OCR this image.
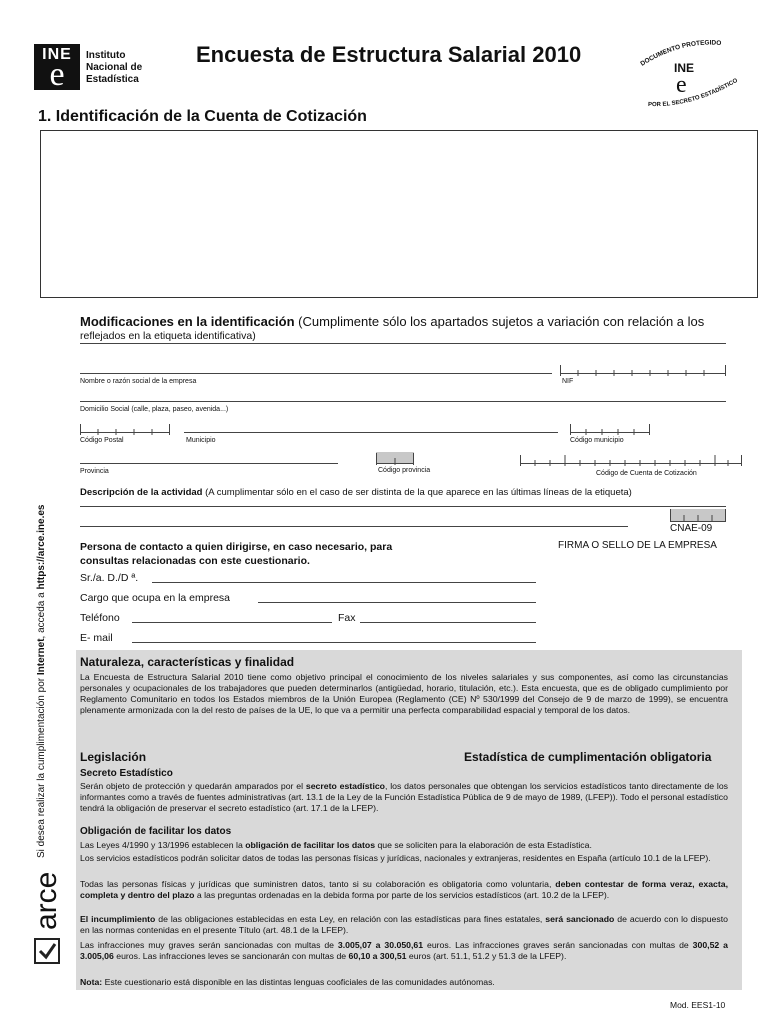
INE
e
Instituto
Nacional de
Estadística
Encuesta de Estructura Salarial 2010	DOCUMENTO PROTEGIDO
POR EL SECRETO ESTADÍSTICO
INE
e
1. Identificación de la Cuenta de Cotización
Modificaciones en la identificación (Cumplimente sólo los apartados sujetos a variación con relación a los
reflejados en la etiqueta identificativa)
Nombre o razón social de la empresa	NIF
Domicilio Social (calle, plaza, paseo, avenida...)
Código Postal	Municipio	Código municipio
Provincia	Código provincia	Código de Cuenta de Cotización
Descripción de la actividad (A cumplimentar sólo en el caso de ser distinta de la que aparece en las últimas líneas de la etiqueta)
CNAE-09
Persona de contacto a quien dirigirse, en caso necesario, para
consultas relacionadas con este cuestionario.
FIRMA O SELLO DE LA EMPRESA
Sr./a. D./D ª.
Cargo que ocupa en la empresa
Teléfono	Fax
E- mail
Naturaleza, características y finalidad
La Encuesta de Estructura Salarial 2010 tiene como objetivo principal el conocimiento de los niveles salariales y sus componentes, así como las circunstancias personales y ocupacionales de los trabajadores que pueden determinarlos (antigüedad, horario, titulación, etc.). Esta encuesta, que es de obligado cumplimiento por Reglamento Comunitario en todos los Estados miembros de la Unión Europea (Reglamento (CE) Nº 530/1999 del Consejo de 9 de marzo de 1999), se encuentra plenamente armonizada con la del resto de países de la UE, lo que va a permitir una perfecta comparabilidad espacial y temporal de los datos.
Legislación	Estadística de cumplimentación obligatoria
Secreto Estadístico
Serán objeto de protección y quedarán amparados por el secreto estadístico, los datos personales que obtengan los servicios estadísticos tanto directamente de los informantes como a través de fuentes administrativas (art. 13.1 de la Ley de la Función Estadística Pública de 9 de mayo de 1989, (LFEP)). Todo el personal estadístico tendrá la obligación de preservar el secreto estadístico (art. 17.1 de la LFEP).
Obligación de facilitar los datos
Las Leyes 4/1990 y 13/1996 establecen la obligación de facilitar los datos que se soliciten para la elaboración de esta Estadística.
Los servicios estadísticos podrán solicitar datos de todas las personas físicas y jurídicas, nacionales y extranjeras, residentes en España (artículo 10.1 de la LFEP).
Todas las personas físicas y jurídicas que suministren datos, tanto si su colaboración es obligatoria como voluntaria, deben contestar de forma veraz, exacta, completa y dentro del plazo a las preguntas ordenadas en la debida forma por parte de los servicios estadísticos (art. 10.2 de la LFEP).
El incumplimiento de las obligaciones establecidas en esta Ley, en relación con las estadísticas para fines estatales, será sancionado de acuerdo con lo dispuesto en las normas contenidas en el presente Título (art. 48.1 de la LFEP).
Las infracciones muy graves serán sancionadas con multas de 3.005,07 a 30.050,61 euros. Las infracciones graves serán sancionadas con multas de 300,52 a 3.005,06 euros. Las infracciones leves se sancionarán con multas de 60,10 a 300,51 euros (art. 51.1, 51.2 y 51.3 de la LFEP).
Nota: Este cuestionario está disponible en las distintas lenguas cooficiales de las comunidades autónomas.
Si desea realizar la cumplimentación por Internet, acceda a https://arce.ine.es
arce
Mod. EES1-10
